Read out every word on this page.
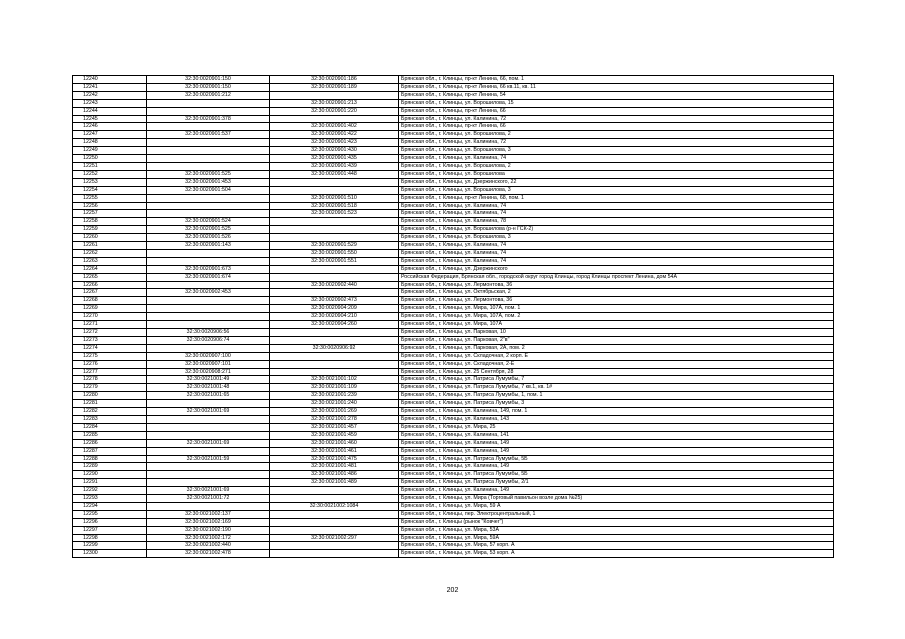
12240	32:30:0020901:150	32:30:0020901:186	Брянская обл., г. Клинцы, пр-кт Ленина, 66, пом. 1
12241	32:30:0020901:150	32:30:0020901:189	Брянская обл., г. Клинцы, пр-кт Ленина, 66 кв.11, кв. 11
12242	32:30:0020901:212		Брянская обл., г. Клинцы, пр-кт Ленина, 54
12243		32:30:0020901:213	Брянская обл., г. Клинцы, ул. Ворошилова, 15
12244		32:30:0020901:220	Брянская обл., г. Клинцы, пр-кт Ленина, 66
12245	32:30:0020901:378		Брянская обл., г. Клинцы, ул. Калинина, 72
12246		32:30:0020901:402	Брянская обл., г. Клинцы, пр-кт Ленина, 66
12247	32:30:0020901:537	32:30:0020901:422	Брянская обл., г. Клинцы, ул. Ворошилова, 2
12248		32:30:0020901:423	Брянская обл., г. Клинцы, ул. Калинина, 72
12249		32:30:0020901:430	Брянская обл., г. Клинцы, ул. Ворошилова, 3
12250		32:30:0020901:435	Брянская обл., г. Клинцы, ул. Калинина, 74
12251		32:30:0020901:439	Брянская обл., г. Клинцы, ул. Ворошилова, 2
12252	32:30:0020901:525	32:30:0020901:448	Брянская обл., г. Клинцы, ул. Ворошилова
12253	32:30:0020901:453		Брянская обл., г. Клинцы, ул. Дзержинского, 22
12254	32:30:0020901:504		Брянская обл., г. Клинцы, ул. Ворошилова, 3
12255		32:30:0020901:510	Брянская обл., г. Клинцы, пр-кт Ленина, 68, пом. 1
12256		32:30:0020901:518	Брянская обл., г. Клинцы, ул. Калинина, 74
12257		32:30:0020901:523	Брянская обл., г. Клинцы, ул. Калинина, 74
12258	32:30:0020901:524		Брянская обл., г. Клинцы, ул. Калинина, 78
12259	32:30:0020901:525		Брянская обл., г. Клинцы, ул. Ворошилова (р-н ГСК-2)
12260	32:30:0020901:526		Брянская обл., г. Клинцы, ул. Ворошилова, 3
12261	32:30:0020901:143	32:30:0020901:529	Брянская обл., г. Клинцы, ул. Калинина, 74
12262		32:30:0020901:550	Брянская обл., г. Клинцы, ул. Калинина, 74
12263		32:30:0020901:551	Брянская обл., г. Клинцы, ул. Калинина, 74
12264	32:30:0020901:673		Брянская обл., г. Клинцы, ул. Дзержинского
12265	32:30:0020901:674		Российская Федерация, Брянская обл., городской округ город Клинцы, город Клинцы проспект Ленина, дом 54А
12266		32:30:0020902:440	Брянская обл., г. Клинцы, ул. Лермонтова, 36
12267	32:30:0020902:453		Брянская обл., г. Клинцы, ул. Октябрьская, 2
12268		32:30:0020902:473	Брянская обл., г. Клинцы, ул. Лермонтова, 36
12269		32:30:0020904:209	Брянская обл., г. Клинцы, ул. Мира, 107А, пом. 1
12270		32:30:0020904:210	Брянская обл., г. Клинцы, ул. Мира, 107А, пом. 2
12271		32:30:0020904:260	Брянская обл., г. Клинцы, ул. Мира, 107А
12272	32:30:0020906:56		Брянская обл., г. Клинцы, ул. Парковая, 10
12273	32:30:0020906:74		Брянская обл., г. Клинцы, ул. Парковая, 2"в"
12274		32:30:0020906:92	Брянская обл., г. Клинцы, ул. Парковая, 2А, пом. 2
12275	32:30:0020907:100		Брянская обл., г. Клинцы, ул. Складочная, 2 корп. Е
12276	32:30:0020907:101		Брянская обл., г. Клинцы, ул. Складочная, 2-Е
12277	32:30:0020908:271		Брянская обл., г. Клинцы, ул. 25 Сентября, 28
12278	32:30:0021001:49	32:30:0021001:102	Брянская обл., г. Клинцы, ул. Патриса Лумумбы, 7
12279	32:30:0021001:48	32:30:0021001:109	Брянская обл., г. Клинцы, ул. Патриса Лумумбы, 7 кв.1, кв. 1#
12280	32:30:0021001:65	32:30:0021001:239	Брянская обл., г. Клинцы, ул. Патриса Лумумбы, 1, пом. 1
12281		32:30:0021001:240	Брянская обл., г. Клинцы, ул. Патриса Лумумбы, 3
12282	32:30:0021001:69	32:30:0021001:269	Брянская обл., г. Клинцы, ул. Калинина, 149, пом. 1
12283		32:30:0021001:278	Брянская обл., г. Клинцы, ул. Калинина, 143
12284		32:30:0021001:457	Брянская обл., г. Клинцы, ул. Мира, 25
12285		32:30:0021001:459	Брянская обл., г. Клинцы, ул. Калинина, 141
12286	32:30:0021001:69	32:30:0021001:460	Брянская обл., г. Клинцы, ул. Калинина, 149
12287		32:30:0021001:461	Брянская обл., г. Клинцы, ул. Калинина, 149
12288	32:30:0021001:59	32:30:0021001:475	Брянская обл., г. Клинцы, ул. Патриса Лумумбы, 5Б
12289		32:30:0021001:481	Брянская обл., г. Клинцы, ул. Калинина, 149
12290		32:30:0021001:486	Брянская обл., г. Клинцы, ул. Патриса Лумумбы, 5Б
12291		32:30:0021001:489	Брянская обл., г. Клинцы, ул. Патриса Лумумбы, 2/1
12292	32:30:0021001:69		Брянская обл., г. Клинцы, ул. Калинина, 149
12293	32:30:0021001:72		Брянская обл., г. Клинцы, ул. Мира (Торговый павильон возле дома №25)
12294		32:30:0021002:1084	Брянская обл., г. Клинцы, ул. Мира, 59 А
12295	32:30:0021002:137		Брянская обл., г. Клинцы, пер. Электроцентральный, 1
12296	32:30:0021002:169		Брянская обл., г. Клинцы (рынок "Ковчег")
12297	32:30:0021002:190		Брянская обл., г. Клинцы, ул. Мира, 53А
12298	32:30:0021002:172	32:30:0021002:297	Брянская обл., г. Клинцы, ул. Мира, 59А
12299	32:30:0021002:440		Брянская обл., г. Клинцы, ул. Мира, 57 корп. А
12300	32:30:0021002:478		Брянская обл., г. Клинцы, ул. Мира, 53 корп. А
202
